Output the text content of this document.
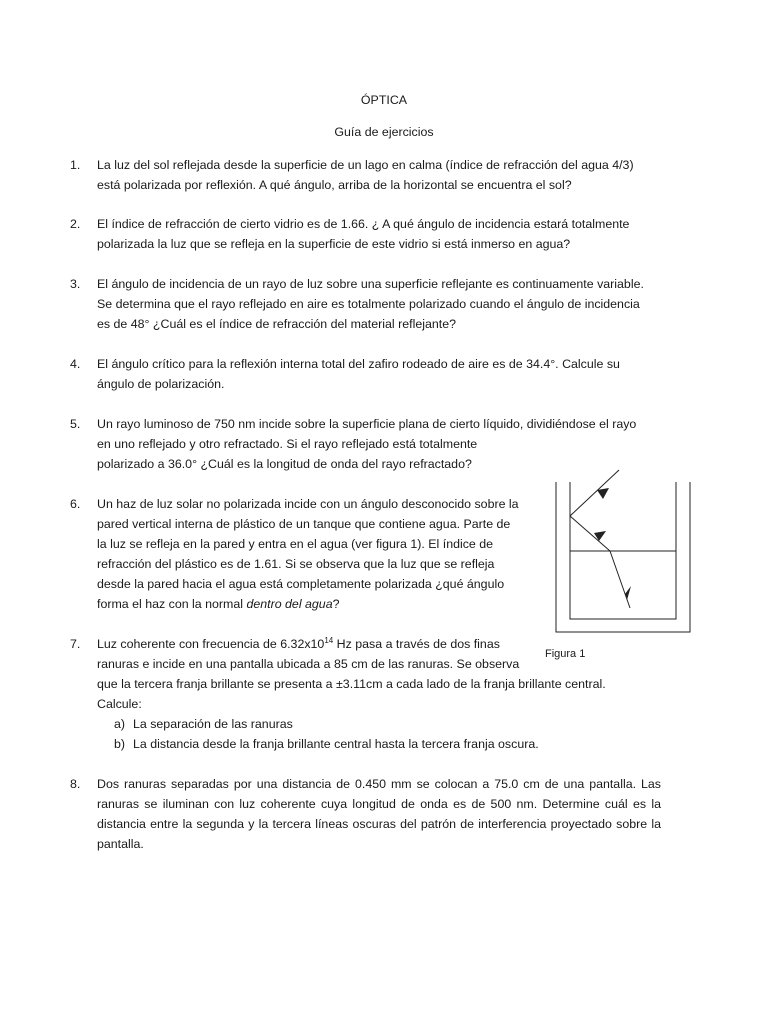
ÓPTICA
Guía de ejercicios
1. La luz del sol reflejada desde la superficie de un lago en calma (índice de refracción del agua 4/3)
está polarizada por reflexión. A qué ángulo, arriba de la horizontal se encuentra el sol?
2. El índice de refracción de cierto vidrio es de 1.66. ¿ A qué ángulo de incidencia estará totalmente
polarizada la luz que se refleja en la superficie de este vidrio si está inmerso en agua?
3. El ángulo de incidencia de un rayo de luz sobre una superficie reflejante es continuamente variable.
Se determina que el rayo reflejado en aire es totalmente polarizado cuando el ángulo de incidencia
es de 48° ¿Cuál es el índice de refracción del material reflejante?
4. El ángulo crítico para la reflexión interna total del zafiro rodeado de aire es de 34.4°. Calcule su
ángulo de polarización.
5. Un rayo luminoso de 750 nm incide sobre la superficie plana de cierto líquido, dividiéndose el rayo
en uno reflejado y otro refractado. Si el rayo reflejado está totalmente
polarizado a 36.0° ¿Cuál es la longitud de onda del rayo refractado?
6. Un haz de luz solar no polarizada incide con un ángulo desconocido sobre la
pared vertical interna de plástico de un tanque que contiene agua. Parte de
la luz se refleja en la pared y entra en el agua (ver figura 1). El índice de
refracción del plástico es de 1.61. Si se observa que la luz que se refleja
desde la pared hacia el agua está completamente polarizada ¿qué ángulo
forma el haz con la normal dentro del agua?
7. Luz coherente con frecuencia de $6.32x10^{14}$ Hz pasa a través de dos finas
ranuras e incide en una pantalla ubicada a 85 cm de las ranuras. Se observa
que la tercera franja brillante se presenta a ±3.11cm a cada lado de la franja brillante central.
Calcule:
a) La separación de las ranuras
b) La distancia desde la franja brillante central hasta la tercera franja oscura.
8. Dos ranuras separadas por una distancia de 0.450 mm se colocan a 75.0 cm de una pantalla. Las
ranuras se iluminan con luz coherente cuya longitud de onda es de 500 nm. Determine cuál es la
distancia entre la segunda y la tercera líneas oscuras del patrón de interferencia proyectado sobre la
pantalla.
Figura 1
